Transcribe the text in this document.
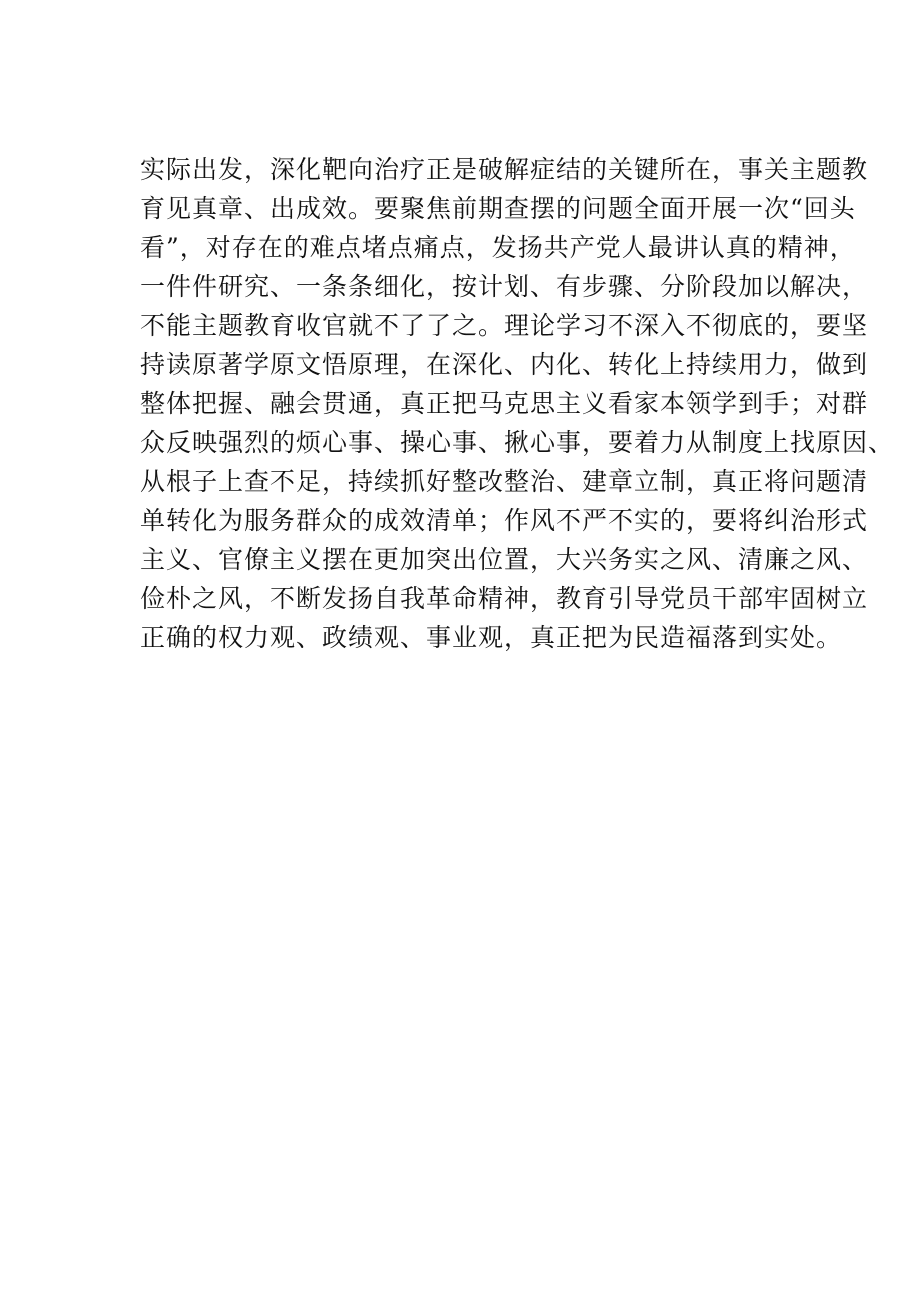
实际出发，深化靶向治疗正是破解症结的关键所在，事关主题教
育见真章、出成效。要聚焦前期查摆的问题全面开展一次“回头
看”，对存在的难点堵点痛点，发扬共产党人最讲认真的精神，
一件件研究、一条条细化，按计划、有步骤、分阶段加以解决，
不能主题教育收官就不了了之。理论学习不深入不彻底的，要坚
持读原著学原文悟原理，在深化、内化、转化上持续用力，做到
整体把握、融会贯通，真正把马克思主义看家本领学到手；对群
众反映强烈的烦心事、操心事、揪心事，要着力从制度上找原因、
从根子上查不足，持续抓好整改整治、建章立制，真正将问题清
单转化为服务群众的成效清单；作风不严不实的，要将纠治形式
主义、官僚主义摆在更加突出位置，大兴务实之风、清廉之风、
俭朴之风，不断发扬自我革命精神，教育引导党员干部牢固树立
正确的权力观、政绩观、事业观，真正把为民造福落到实处。
